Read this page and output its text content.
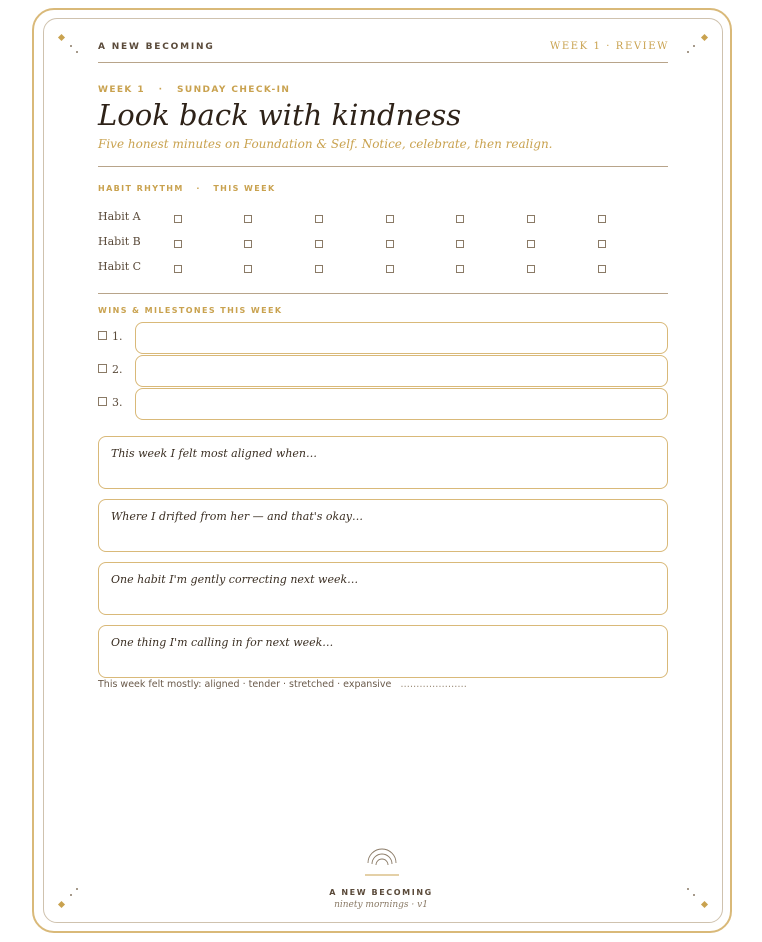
A NEW BECOMING	WEEK 1 · REVIEW
WEEK 1   ·   SUNDAY CHECK-IN
Look back with kindness
Five honest minutes on Foundation & Self. Notice, celebrate, then realign.
HABIT RHYTHM   ·   THIS WEEK
Habit A
Habit B
Habit C
WINS & MILESTONES THIS WEEK
1.
2.
3.
This week I felt most aligned when…
Where I drifted from her — and that's okay…
One habit I'm gently correcting next week…
One thing I'm calling in for next week…
This week felt mostly: aligned · tender · stretched · expansive …………………
A NEW BECOMING
ninety mornings · v1
